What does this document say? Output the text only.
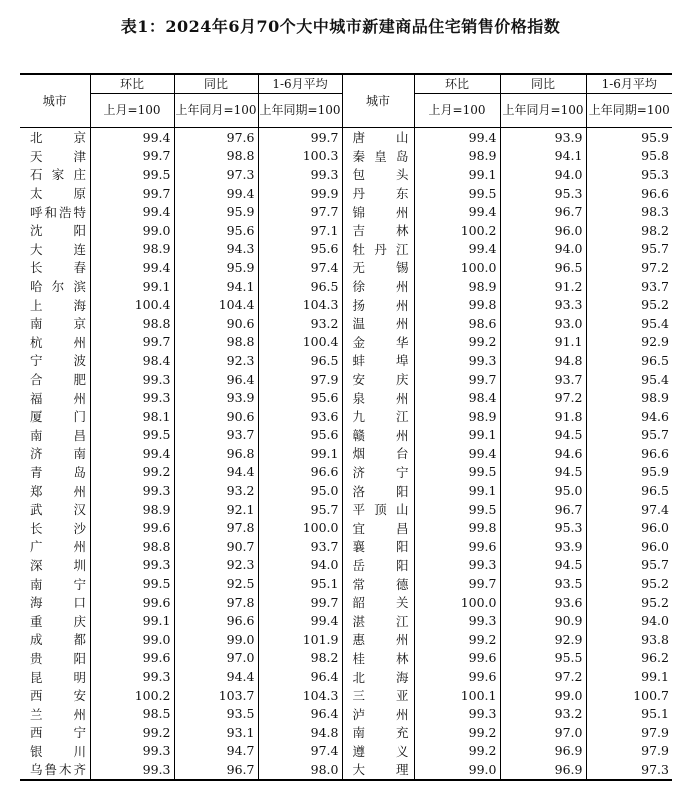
表1：2024年6月70个大中城市新建商品住宅销售价格指数
城市	环比	同比	1-6月平均	城市	环比	同比	1-6月平均
	上月=100	上年同月=100	上年同期=100		上月=100	上年同月=100	上年同期=100

北京	99.4	97.6	99.7	唐山	99.4	93.9	95.9

天津	99.7	98.8	100.3	秦皇岛	98.9	94.1	95.8

石家庄	99.5	97.3	99.3	包头	99.1	94.0	95.3

太原	99.7	99.4	99.9	丹东	99.5	95.3	96.6

呼和浩特	99.4	95.9	97.7	锦州	99.4	96.7	98.3

沈阳	99.0	95.6	97.1	吉林	100.2	96.0	98.2

大连	98.9	94.3	95.6	牡丹江	99.4	94.0	95.7

长春	99.4	95.9	97.4	无锡	100.0	96.5	97.2

哈尔滨	99.1	94.1	96.5	徐州	98.9	91.2	93.7

上海	100.4	104.4	104.3	扬州	99.8	93.3	95.2

南京	98.8	90.6	93.2	温州	98.6	93.0	95.4

杭州	99.7	98.8	100.4	金华	99.2	91.1	92.9

宁波	98.4	92.3	96.5	蚌埠	99.3	94.8	96.5

合肥	99.3	96.4	97.9	安庆	99.7	93.7	95.4

福州	99.3	93.9	95.6	泉州	98.4	97.2	98.9

厦门	98.1	90.6	93.6	九江	98.9	91.8	94.6

南昌	99.5	93.7	95.6	赣州	99.1	94.5	95.7

济南	99.4	96.8	99.1	烟台	99.4	94.6	96.6

青岛	99.2	94.4	96.6	济宁	99.5	94.5	95.9

郑州	99.3	93.2	95.0	洛阳	99.1	95.0	96.5

武汉	98.9	92.1	95.7	平顶山	99.5	96.7	97.4

长沙	99.6	97.8	100.0	宜昌	99.8	95.3	96.0

广州	98.8	90.7	93.7	襄阳	99.6	93.9	96.0

深圳	99.3	92.3	94.0	岳阳	99.3	94.5	95.7

南宁	99.5	92.5	95.1	常德	99.7	93.5	95.2

海口	99.6	97.8	99.7	韶关	100.0	93.6	95.2

重庆	99.1	96.6	99.4	湛江	99.3	90.9	94.0

成都	99.0	99.0	101.9	惠州	99.2	92.9	93.8

贵阳	99.6	97.0	98.2	桂林	99.6	95.5	96.2

昆明	99.3	94.4	96.4	北海	99.6	97.2	99.1

西安	100.2	103.7	104.3	三亚	100.1	99.0	100.7

兰州	98.5	93.5	96.4	泸州	99.3	93.2	95.1

西宁	99.2	93.1	94.8	南充	99.2	97.0	97.9

银川	99.3	94.7	97.4	遵义	99.2	96.9	97.9

乌鲁木齐	99.3	96.7	98.0	大理	99.0	96.9	97.3
